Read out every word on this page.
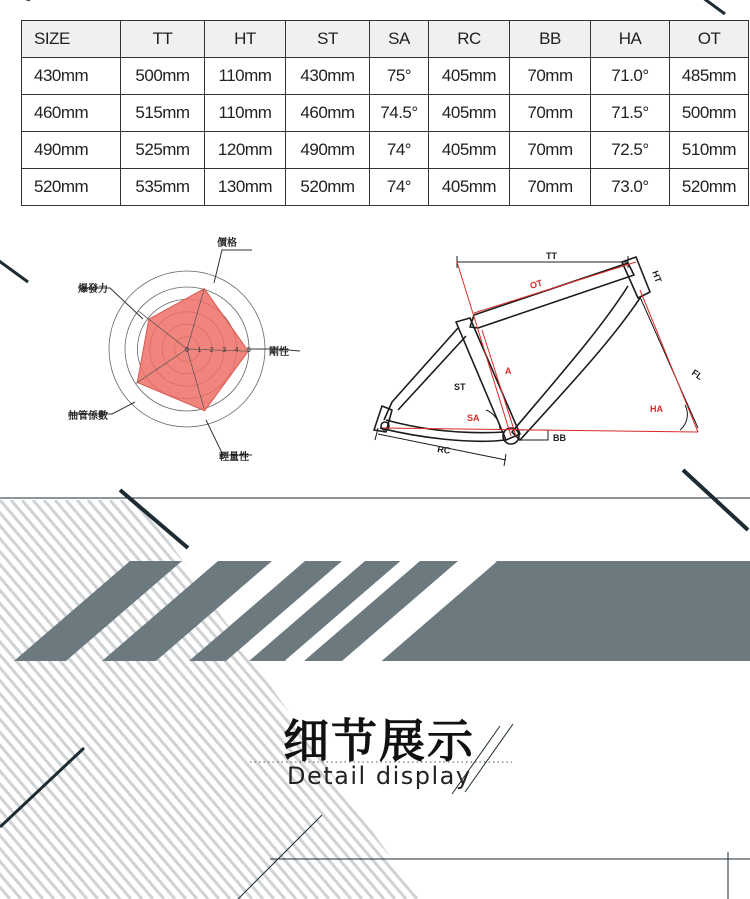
SIZE	TT	HT	ST	SA	RC	BB	HA	OT
430mm	500mm	110mm	430mm	75°	405mm	70mm	71.0°	485mm
460mm	515mm	110mm	460mm	74.5°	405mm	70mm	71.5°	500mm
490mm	525mm	120mm	490mm	74°	405mm	70mm	72.5°	510mm
520mm	535mm	130mm	520mm	74°	405mm	70mm	73.0°	520mm
0 1 2 3 4 5
價格
剛性
輕量性
抽管係數
爆發力
TT
HT
OT
ST
A
SA
HA
FL
RC
BB
细节展示
Detail display
